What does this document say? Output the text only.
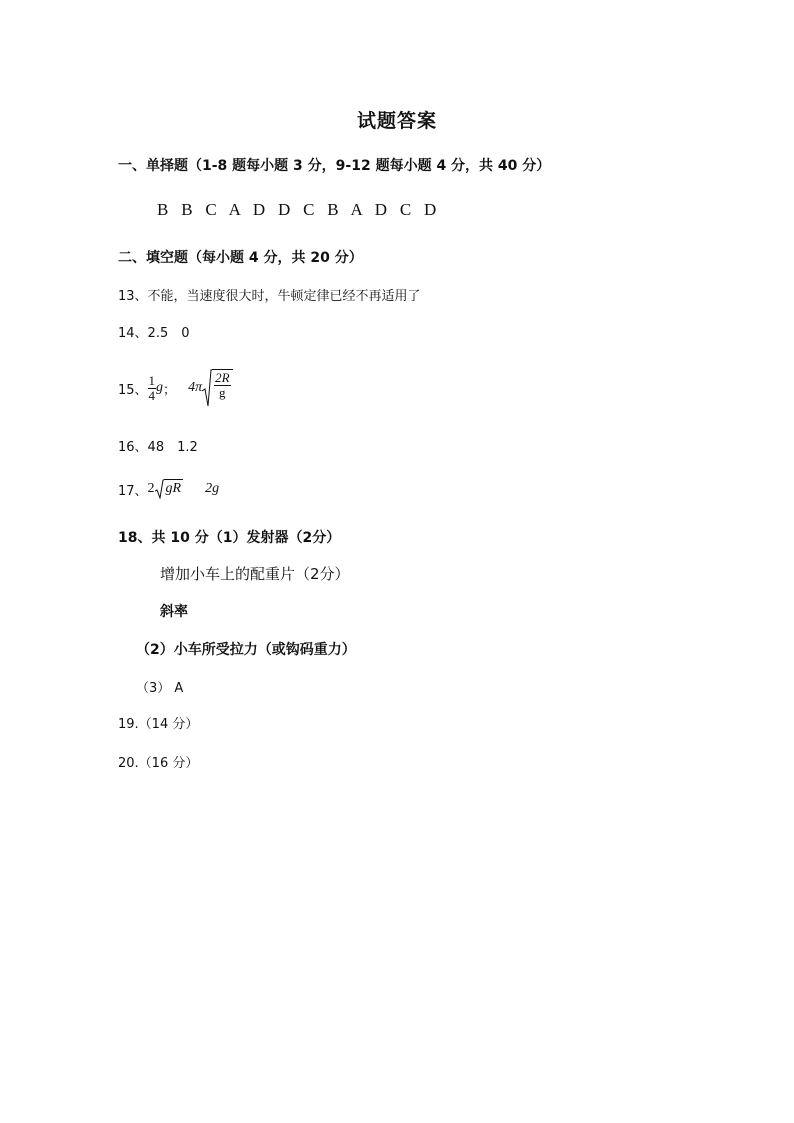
试题答案
一、单择题（1-8 题每小题 3 分，9-12 题每小题 4 分，共 40 分）
B B C A D D C B A D C D
二、填空题（每小题 4 分，共 20 分）
13、不能，当速度很大时，牛顿定律已经不再适用了
14、2.5　0
15、 $\frac{1}{4}$ g ； $4\pi \frac{2R}{g}$
16、48　1.2
17、 2 gR 2g
18、共 10 分（1）发射器（2分）
增加小车上的配重片（2分）
斜率
（2）小车所受拉力（或钩码重力）
（3） A
19.（14 分）
20.（16 分）
